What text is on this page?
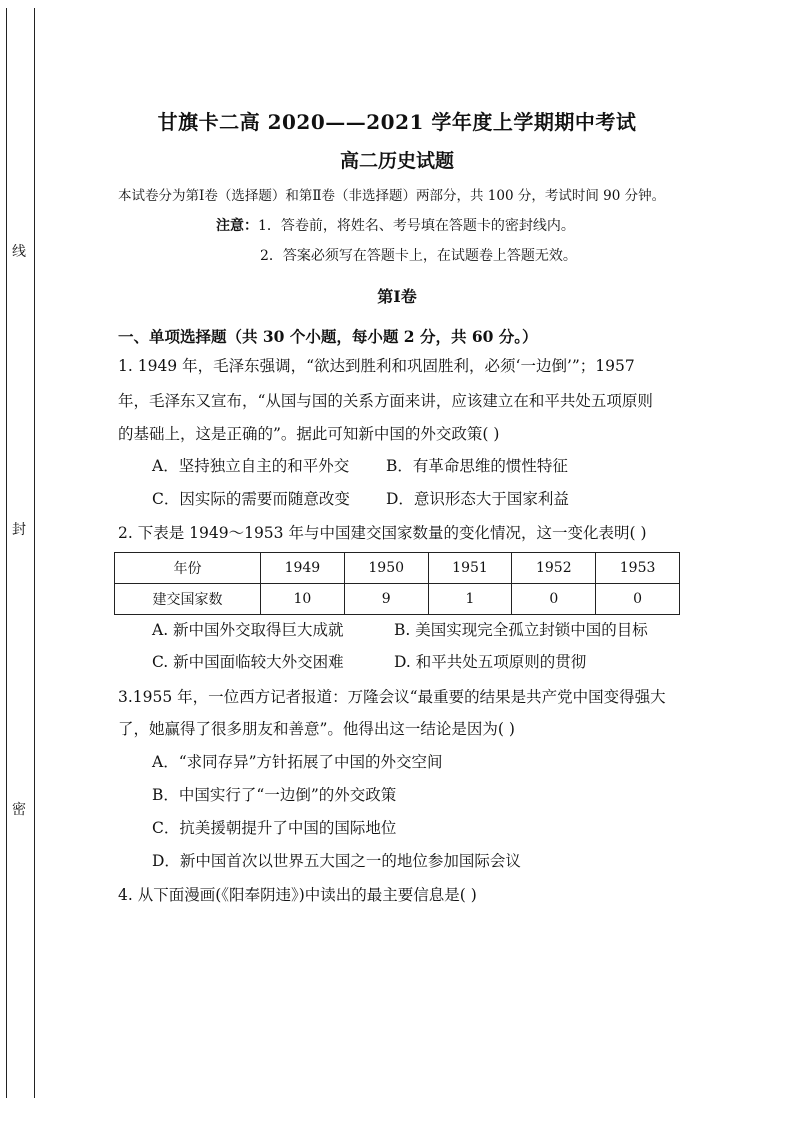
线
封
密
甘旗卡二高 2020——2021 学年度上学期期中考试
高二历史试题
本试卷分为第Ⅰ卷（选择题）和第Ⅱ卷（非选择题）两部分，共 100 分，考试时间 90 分钟。
注意：1．答卷前，将姓名、考号填在答题卡的密封线内。
2．答案必须写在答题卡上，在试题卷上答题无效。
第Ⅰ卷
一、单项选择题（共 30 个小题，每小题 2 分，共 60 分。）
1. 1949 年，毛泽东强调，“欲达到胜利和巩固胜利，必须‘一边倒’”；1957
年，毛泽东又宣布，“从国与国的关系方面来讲，应该建立在和平共处五项原则
的基础上，这是正确的”。据此可知新中国的外交政策( )
A．坚持独立自主的和平外交 B．有革命思维的惯性特征
C．因实际的需要而随意改变 D．意识形态大于国家利益
2. 下表是 1949～1953 年与中国建交国家数量的变化情况，这一变化表明( )
年份	1949	1950	1951	1952	1953
建交国家数	10	9	1	0	0
A. 新中国外交取得巨大成就	B. 美国实现完全孤立封锁中国的目标
C. 新中国面临较大外交困难	D. 和平共处五项原则的贯彻
3.1955 年，一位西方记者报道：万隆会议“最重要的结果是共产党中国变得强大
了，她赢得了很多朋友和善意”。他得出这一结论是因为( )
A．“求同存异”方针拓展了中国的外交空间
B．中国实行了“一边倒”的外交政策
C．抗美援朝提升了中国的国际地位
D．新中国首次以世界五大国之一的地位参加国际会议
4. 从下面漫画(《阳奉阴违》)中读出的最主要信息是( )
